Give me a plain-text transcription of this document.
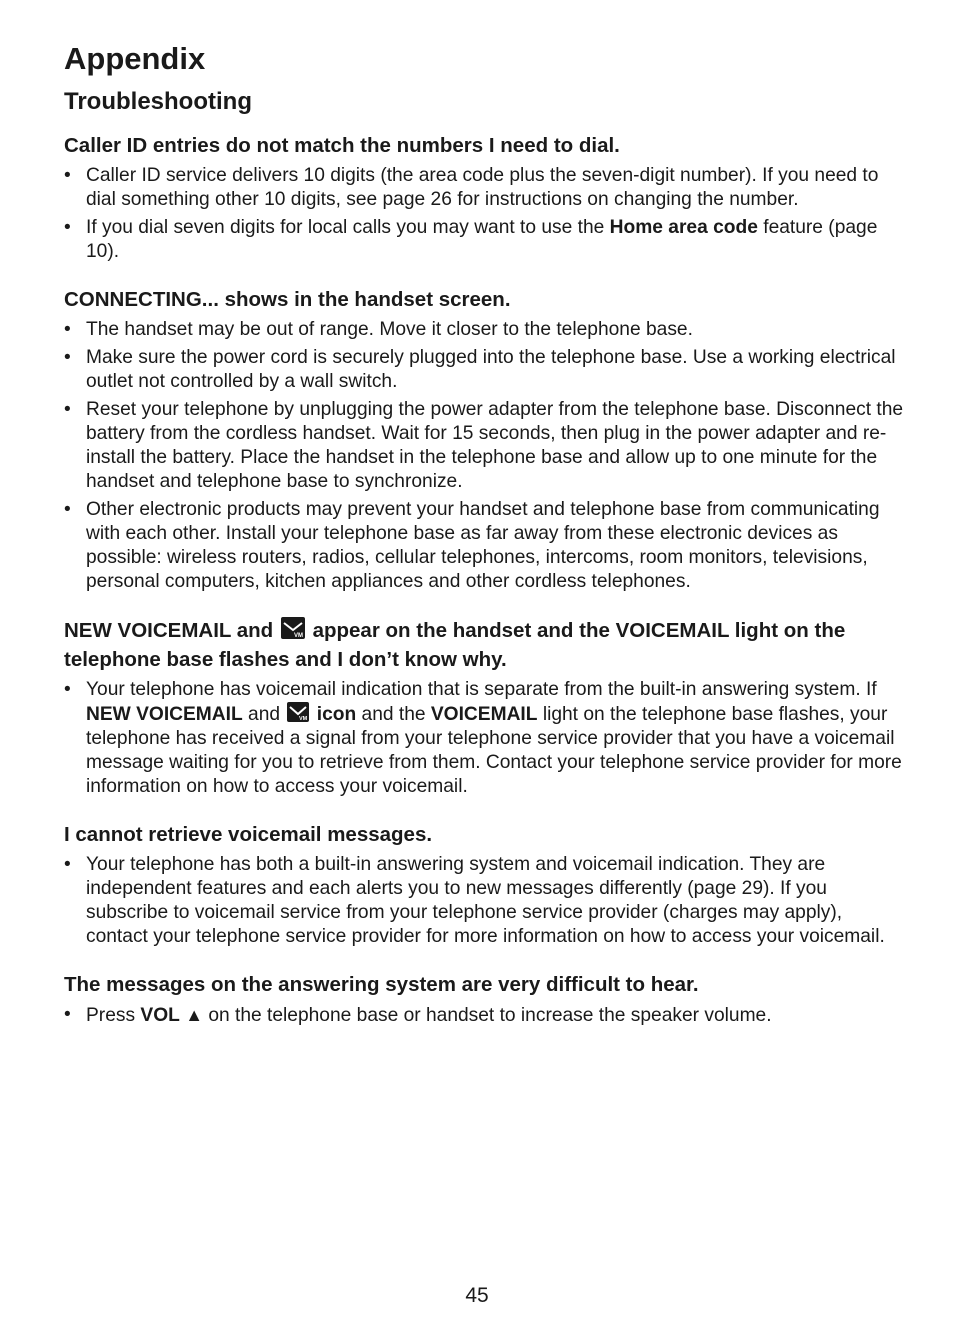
Appendix
Troubleshooting
Caller ID entries do not match the numbers I need to dial.
• Caller ID service delivers 10 digits (the area code plus the seven-digit number). If you need to dial something other 10 digits, see page 26 for instructions on changing the number.
• If you dial seven digits for local calls you may want to use the Home area code feature (page 10).
CONNECTING... shows in the handset screen.
• The handset may be out of range. Move it closer to the telephone base.
• Make sure the power cord is securely plugged into the telephone base. Use a working electrical outlet not controlled by a wall switch.
• Reset your telephone by unplugging the power adapter from the telephone base. Disconnect the battery from the cordless handset. Wait for 15 seconds, then plug in the power adapter and re-install the battery. Place the handset in the telephone base and allow up to one minute for the handset and telephone base to synchronize.
• Other electronic products may prevent your handset and telephone base from communicating with each other. Install your telephone base as far away from these electronic devices as possible: wireless routers, radios, cellular telephones, intercoms, room monitors, televisions, personal computers, kitchen appliances and other cordless telephones.
NEW VOICEMAIL and	VM appear on the handset and the VOICEMAIL light on the telephone base flashes and I don’t know why.
• Your telephone has voicemail indication that is separate from the built-in answering system. If NEW VOICEMAIL and	VM icon and the VOICEMAIL light on the telephone base flashes, your telephone has received a signal from your telephone service provider that you have a voicemail message waiting for you to retrieve from them. Contact your telephone service provider for more information on how to access your voicemail.
I cannot retrieve voicemail messages.
• Your telephone has both a built-in answering system and voicemail indication. They are independent features and each alerts you to new messages differently (page 29). If you subscribe to voicemail service from your telephone service provider (charges may apply), contact your telephone service provider for more information on how to access your voicemail.
The messages on the answering system are very difficult to hear.
• Press VOL ▲ on the telephone base or handset to increase the speaker volume.
45
